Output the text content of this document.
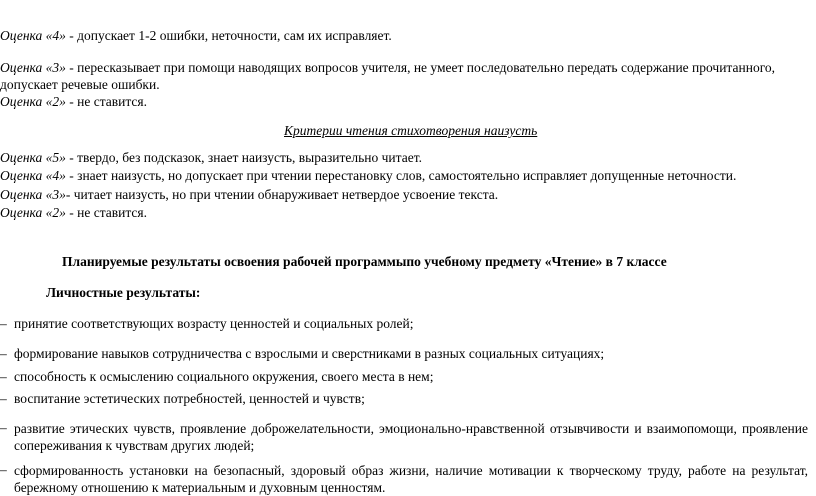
Оценка «4» - допускает 1-2 ошибки, неточности, сам их исправляет.
Оценка «3» - пересказывает при помощи наводящих вопросов учителя, не умеет последовательно передать содержание прочитанного,
допускает речевые ошибки.
Оценка «2» - не ставится.
Критерии чтения стихотворения наизусть
Оценка «5» - твердо, без подсказок, знает наизусть, выразительно читает.
Оценка «4» - знает наизусть, но допускает при чтении перестановку слов, самостоятельно исправляет допущенные неточности.
Оценка «3»- читает наизусть, но при чтении обнаруживает нетвердое усвоение текста.
Оценка «2» - не ставится.
Планируемые результаты освоения рабочей программыпо учебному предмету «Чтение» в 7 классе
Личностные результаты:
– принятие соответствующих возрасту ценностей и социальных ролей;
– формирование навыков сотрудничества с взрослыми и сверстниками в разных социальных ситуациях;
– способность к осмыслению социального окружения, своего места в нем;
– воспитание эстетических потребностей, ценностей и чувств;
– развитие этических чувств, проявление доброжелательности, эмоционально-нравственной отзывчивости и взаимопомощи, проявление сопереживания к чувствам других людей;
– сформированность установки на безопасный, здоровый образ жизни, наличие мотивации к творческому труду, работе на результат, бережному отношению к материальным и духовным ценностям.
